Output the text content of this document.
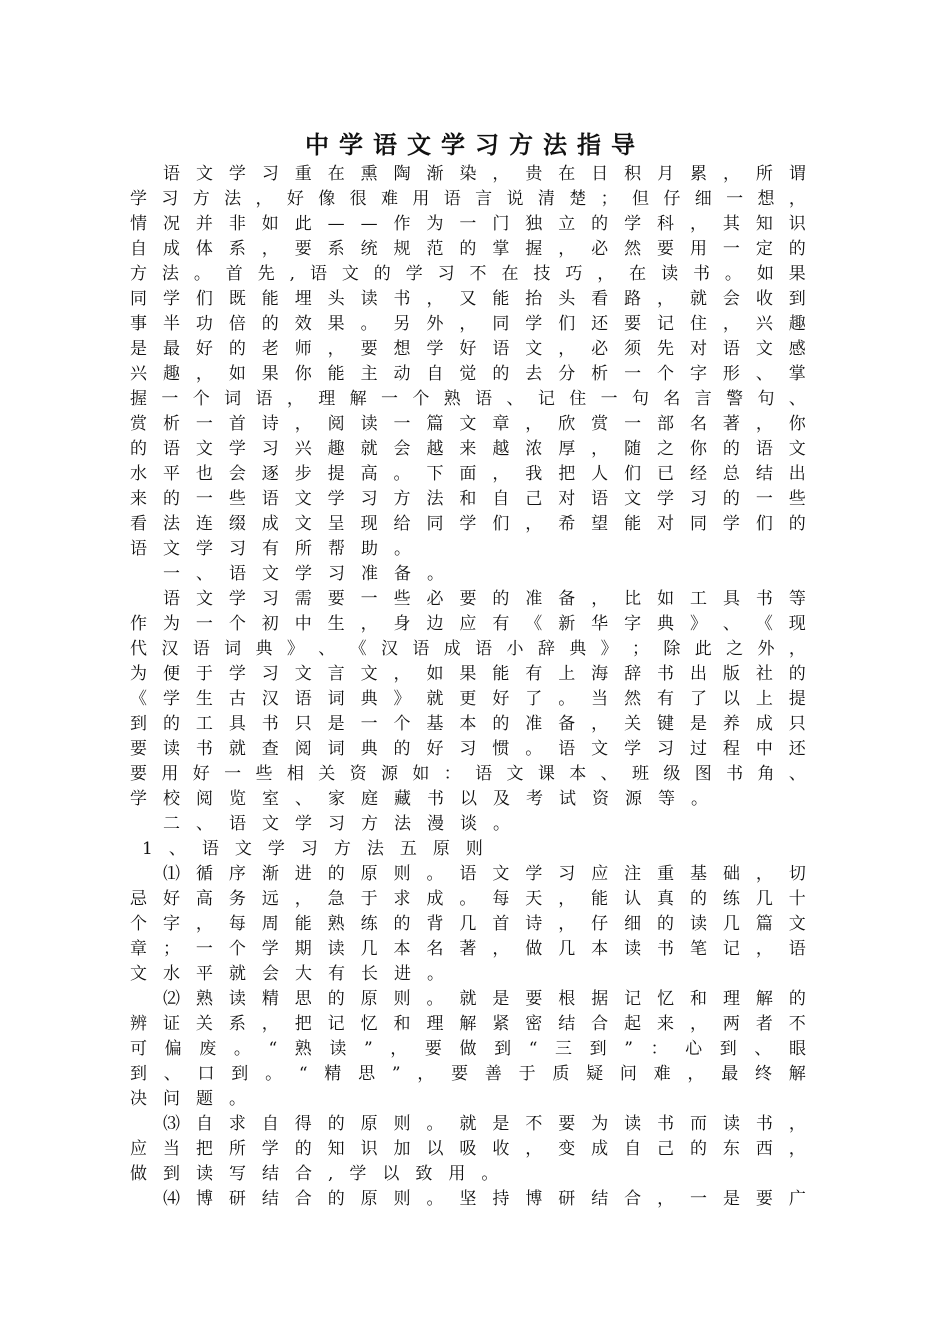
中学语文学习方法指导
语 文 学 习 重 在 熏 陶 渐 染 ， 贵 在 日 积 月 累 ， 所 谓
学 习 方 法 ， 好 像 很 难 用 语 言 说 清 楚 ； 但 仔 细 一 想 ，
情 况 并 非 如 此 — — 作 为 一 门 独 立 的 学 科 ， 其 知 识
自 成 体 系 ， 要 系 统 规 范 的 掌 握 ， 必 然 要 用 一 定 的
方 法 。 首 先 , 语 文 的 学 习 不 在 技 巧 ， 在 读 书 。 如 果
同 学 们 既 能 埋 头 读 书 ， 又 能 抬 头 看 路 ， 就 会 收 到
事 半 功 倍 的 效 果 。 另 外 ， 同 学 们 还 要 记 住 ， 兴 趣
是 最 好 的 老 师 ， 要 想 学 好 语 文 ， 必 须 先 对 语 文 感
兴 趣 ， 如 果 你 能 主 动 自 觉 的 去 分 析 一 个 字 形 、 掌
握 一 个 词 语 ， 理 解 一 个 熟 语 、 记 住 一 句 名 言 警 句 、
赏 析 一 首 诗 ， 阅 读 一 篇 文 章 ， 欣 赏 一 部 名 著 ， 你
的 语 文 学 习 兴 趣 就 会 越 来 越 浓 厚 ， 随 之 你 的 语 文
水 平 也 会 逐 步 提 高 。 下 面 ， 我 把 人 们 已 经 总 结 出
来 的 一 些 语 文 学 习 方 法 和 自 己 对 语 文 学 习 的 一 些
看 法 连 缀 成 文 呈 现 给 同 学 们 ， 希 望 能 对 同 学 们 的
语 文 学 习 有 所 帮 助 。
一 、 语 文 学 习 准 备 。
语 文 学 习 需 要 一 些 必 要 的 准 备 ， 比 如 工 具 书 等
作 为 一 个 初 中 生 ， 身 边 应 有 《 新 华 字 典 》 、 《 现
代 汉 语 词 典 》 、 《 汉 语 成 语 小 辞 典 》 ； 除 此 之 外 ，
为 便 于 学 习 文 言 文 ， 如 果 能 有 上 海 辞 书 出 版 社 的
《 学 生 古 汉 语 词 典 》 就 更 好 了 。 当 然 有 了 以 上 提
到 的 工 具 书 只 是 一 个 基 本 的 准 备 ， 关 键 是 养 成 只
要 读 书 就 查 阅 词 典 的 好 习 惯 。 语 文 学 习 过 程 中 还
要 用 好 一 些 相 关 资 源 如 ： 语 文 课 本 、 班 级 图 书 角 、
学 校 阅 览 室 、 家 庭 藏 书 以 及 考 试 资 源 等 。
二 、 语 文 学 习 方 法 漫 谈 。
1 、 语 文 学 习 方 法 五 原 则
⑴ 循 序 渐 进 的 原 则 。 语 文 学 习 应 注 重 基 础 ， 切
忌 好 高 务 远 ， 急 于 求 成 。 每 天 ， 能 认 真 的 练 几 十
个 字 ， 每 周 能 熟 练 的 背 几 首 诗 ， 仔 细 的 读 几 篇 文
章 ； 一 个 学 期 读 几 本 名 著 ， 做 几 本 读 书 笔 记 ， 语
文 水 平 就 会 大 有 长 进 。
⑵ 熟 读 精 思 的 原 则 。 就 是 要 根 据 记 忆 和 理 解 的
辨 证 关 系 ， 把 记 忆 和 理 解 紧 密 结 合 起 来 ， 两 者 不
可 偏 废 。 “ 熟 读 ” ， 要 做 到 “ 三 到 ” ： 心 到 、 眼
到 、 口 到 。 “ 精 思 ” ， 要 善 于 质 疑 问 难 ， 最 终 解
决 问 题 。
⑶ 自 求 自 得 的 原 则 。 就 是 不 要 为 读 书 而 读 书 ，
应 当 把 所 学 的 知 识 加 以 吸 收 ， 变 成 自 己 的 东 西 ，
做 到 读 写 结 合 , 学 以 致 用 。
⑷ 博 研 结 合 的 原 则 。 坚 持 博 研 结 合 ， 一 是 要 广
